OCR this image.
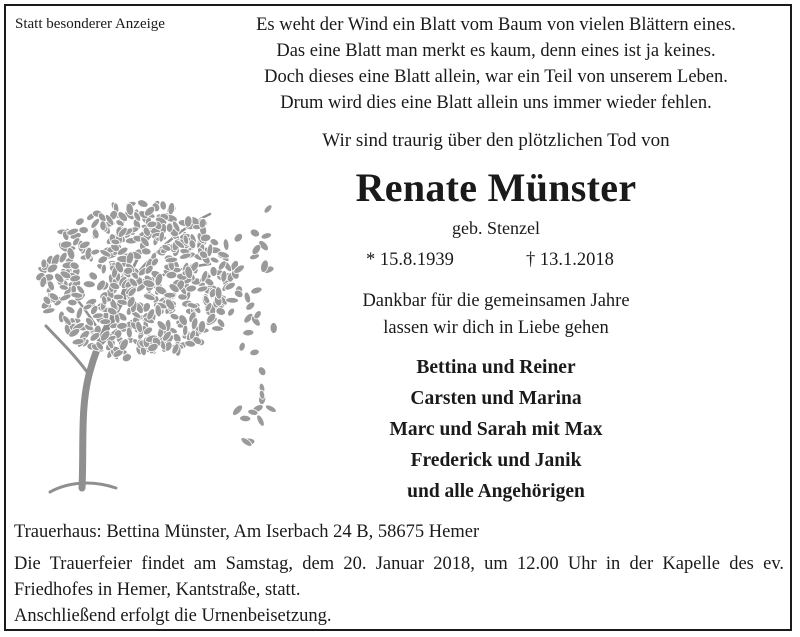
Statt besonderer Anzeige	Es weht der Wind ein Blatt vom Baum von vielen Blättern eines.
Das eine Blatt man merkt es kaum, denn eines ist ja keines.
Doch dieses eine Blatt allein, war ein Teil von unserem Leben.
Drum wird dies eine Blatt allein uns immer wieder fehlen.
Wir sind traurig über den plötzlichen Tod von
Renate Münster
geb. Stenzel
* 15.8.1939	† 13.1.2018
Dankbar für die gemeinsamen Jahre
lassen wir dich in Liebe gehen
Bettina und Reiner
Carsten und Marina
Marc und Sarah mit Max
Frederick und Janik
und alle Angehörigen
Trauerhaus: Bettina Münster, Am Iserbach 24 B, 58675 Hemer
Die Trauerfeier findet am Samstag, dem 20. Januar 2018, um 12.00 Uhr in der Kapelle des ev. Friedhofes in Hemer, Kantstraße, statt.
Anschließend erfolgt die Urnenbeisetzung.
